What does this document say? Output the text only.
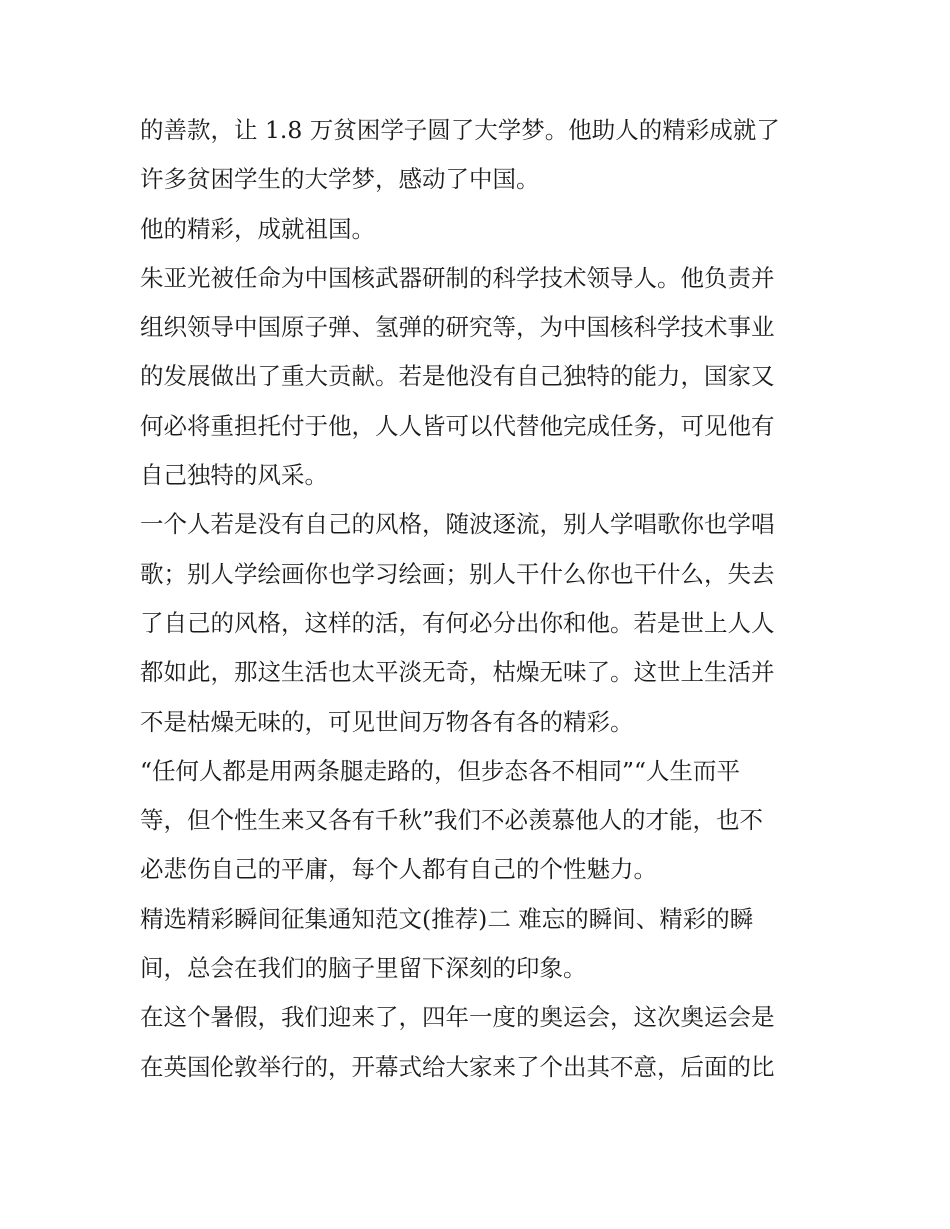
的善款，让 1.8 万贫困学子圆了大学梦。他助人的精彩成就了
许多贫困学生的大学梦，感动了中国。
他的精彩，成就祖国。
朱亚光被任命为中国核武器研制的科学技术领导人。他负责并
组织领导中国原子弹、氢弹的研究等，为中国核科学技术事业
的发展做出了重大贡献。若是他没有自己独特的能力，国家又
何必将重担托付于他，人人皆可以代替他完成任务，可见他有
自己独特的风采。
一个人若是没有自己的风格，随波逐流，别人学唱歌你也学唱
歌；别人学绘画你也学习绘画；别人干什么你也干什么，失去
了自己的风格，这样的活，有何必分出你和他。若是世上人人
都如此，那这生活也太平淡无奇，枯燥无味了。这世上生活并
不是枯燥无味的，可见世间万物各有各的精彩。
“任何人都是用两条腿走路的，但步态各不相同”“人生而平
等，但个性生来又各有千秋”我们不必羡慕他人的才能，也不
必悲伤自己的平庸，每个人都有自己的个性魅力。
精选精彩瞬间征集通知范文(推荐)二 难忘的瞬间、精彩的瞬
间，总会在我们的脑子里留下深刻的印象。
在这个暑假，我们迎来了，四年一度的奥运会，这次奥运会是
在英国伦敦举行的，开幕式给大家来了个出其不意，后面的比
